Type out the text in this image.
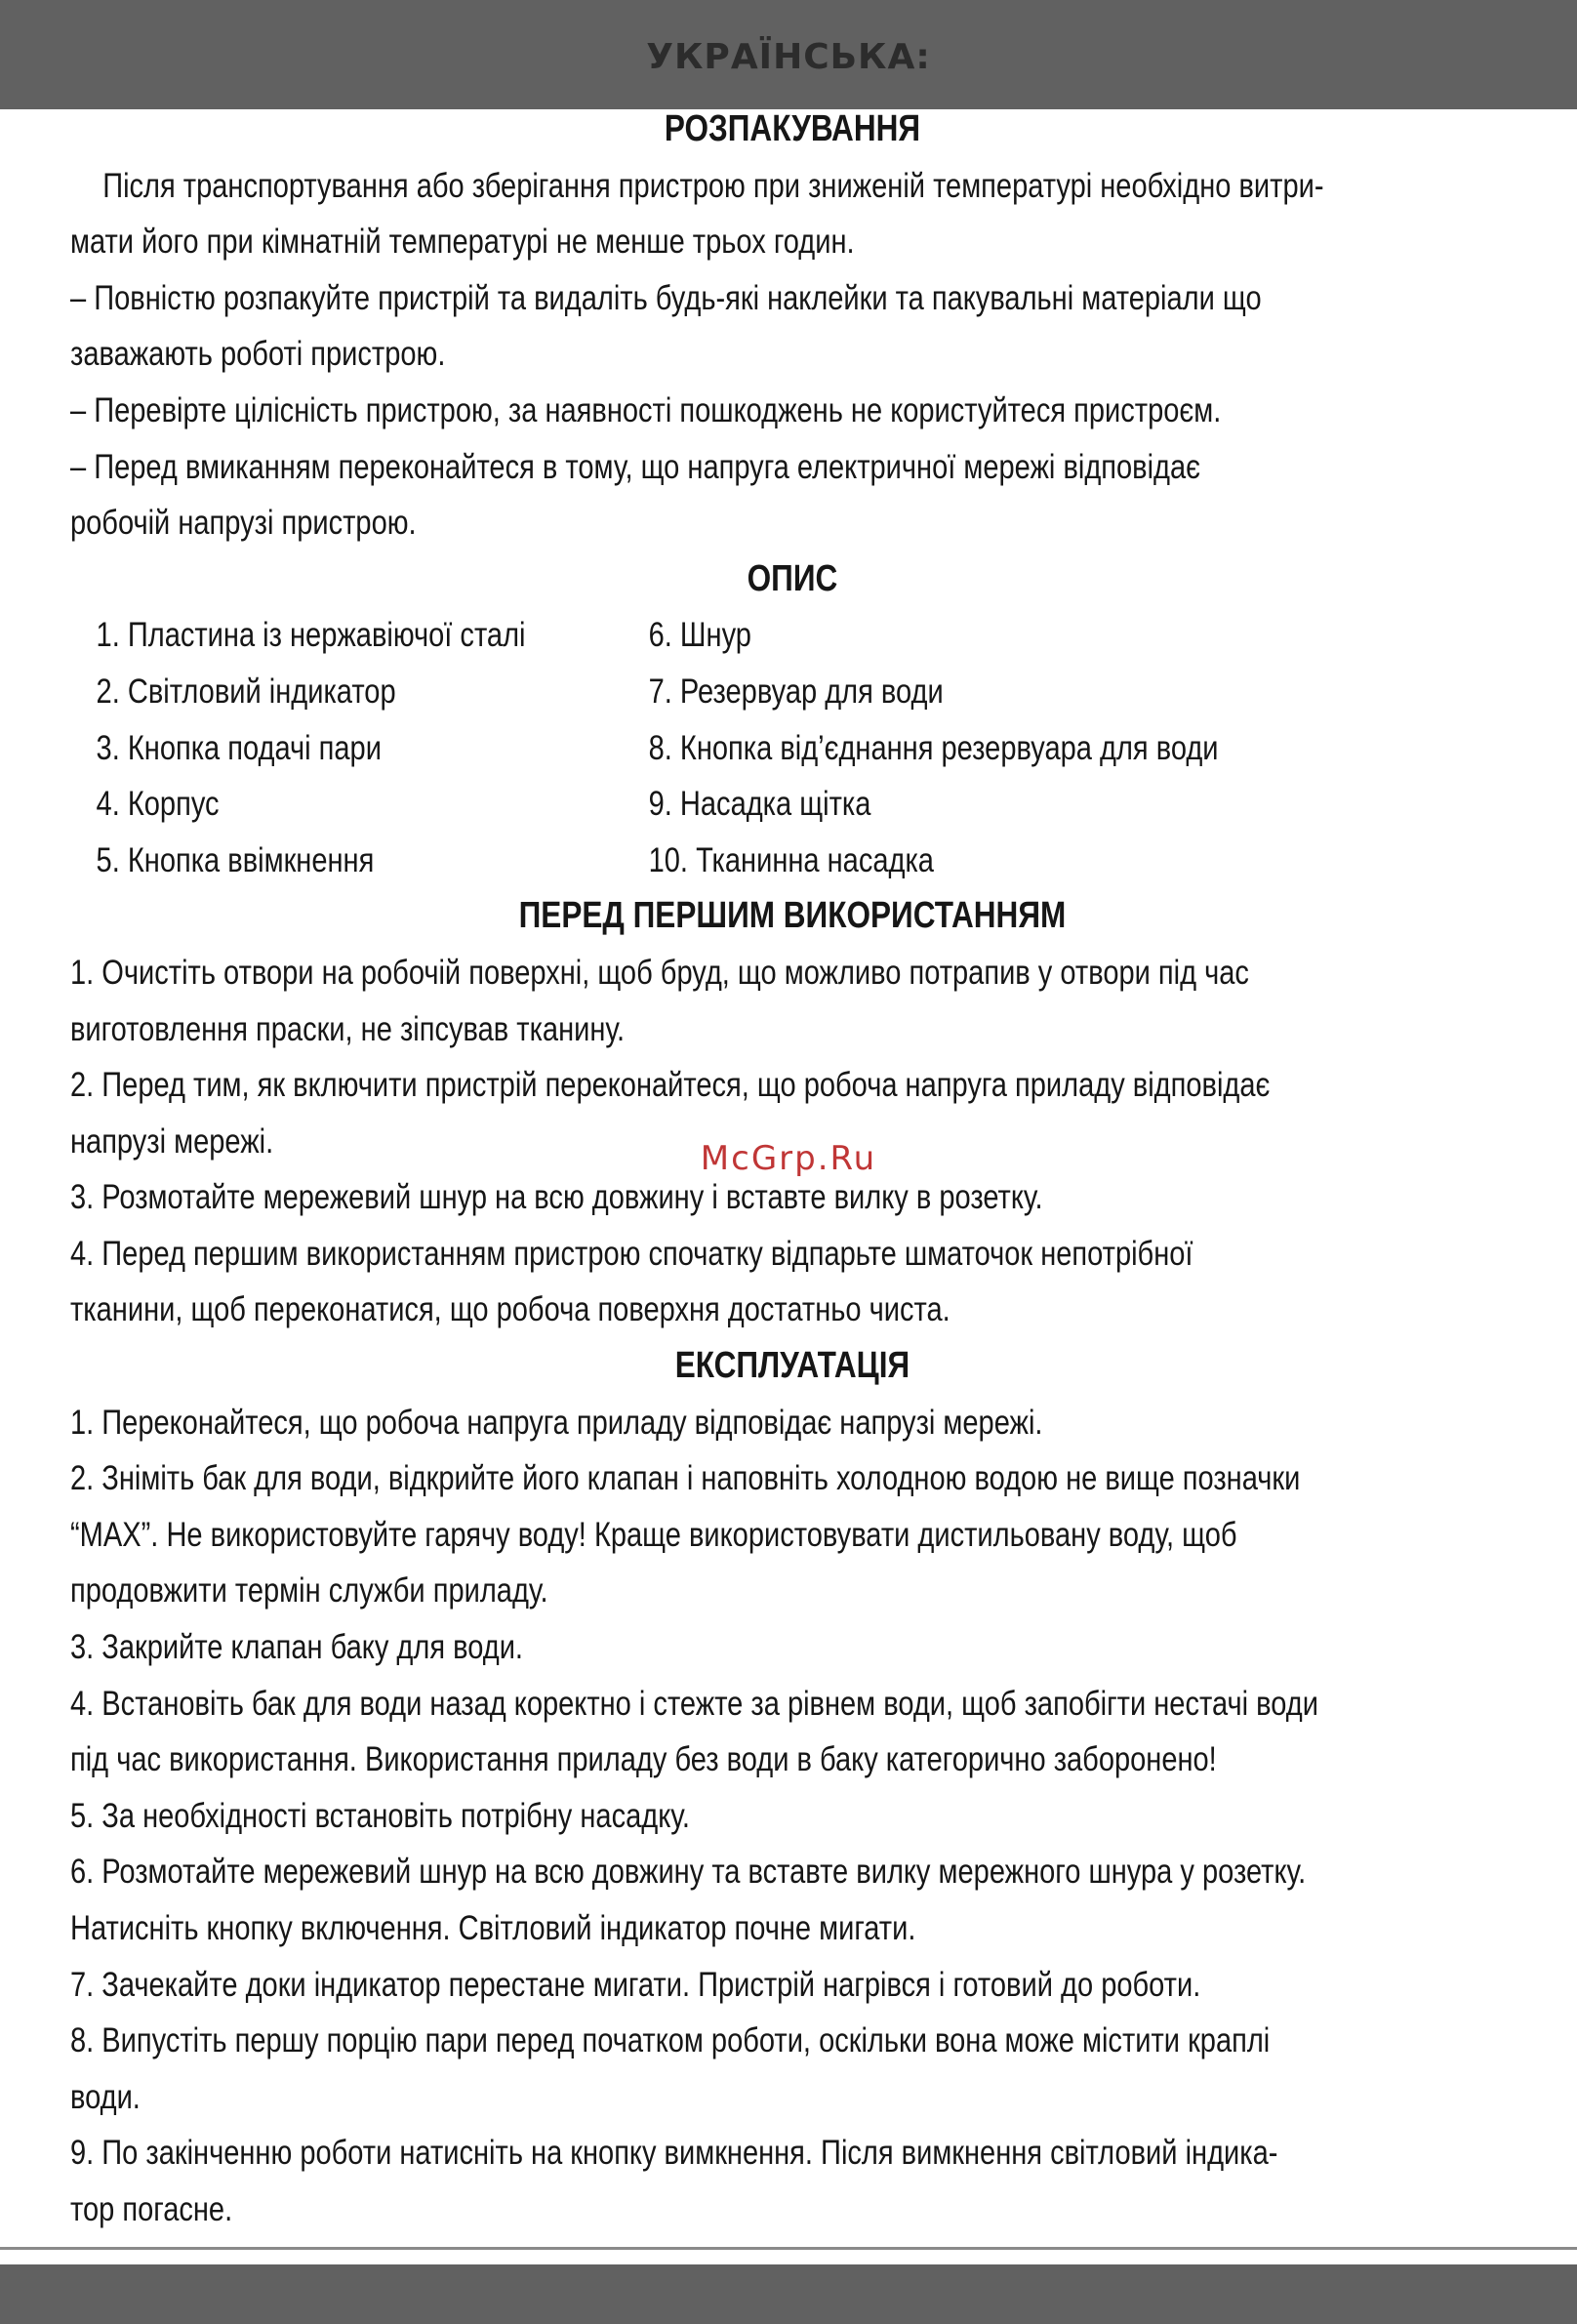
УКРАЇНСЬКА:
McGrp.Ru
РОЗПАКУВАННЯ

Після транспортування або зберігання пристрою при зниженій температурі необхідно витри-

мати його при кімнатній температурі не менше трьох годин.

– Повністю розпакуйте пристрій та видаліть будь-які наклейки та пакувальні матеріали що

заважають роботі пристрою.

– Перевірте цілісність пристрою, за наявності пошкоджень не користуйтеся пристроєм.

– Перед вмиканням переконайтеся в тому, що напруга електричної мережі відповідає

робочій напрузі пристрою.

ОПИС
1. Пластина із нержавіючої сталі	6. Шнур
2. Світловий індикатор	7. Резервуар для води
3. Кнопка подачі пари	8. Кнопка від’єднання резервуара для води
4. Корпус	9. Насадка щітка
5. Кнопка ввімкнення	10. Тканинна насадка
ПЕРЕД ПЕРШИМ ВИКОРИСТАННЯМ

1. Очистіть отвори на робочій поверхні, щоб бруд, що можливо потрапив у отвори під час

виготовлення праски, не зіпсував тканину.

2. Перед тим, як включити пристрій переконайтеся, що робоча напруга приладу відповідає

напрузі мережі.

3. Розмотайте мережевий шнур на всю довжину і вставте вилку в розетку.

4. Перед першим використанням пристрою спочатку відпарьте шматочок непотрібної

тканини, щоб переконатися, що робоча поверхня достатньо чиста.

ЕКСПЛУАТАЦІЯ

1. Переконайтеся, що робоча напруга приладу відповідає напрузі мережі.

2. Зніміть бак для води, відкрийте його клапан і наповніть холодною водою не вище позначки

“MAX”. Не використовуйте гарячу воду! Краще використовувати дистильовану воду, щоб

продовжити термін служби приладу.

3. Закрийте клапан баку для води.

4. Встановіть бак для води назад коректно і стежте за рівнем води, щоб запобігти нестачі води

під час використання. Використання приладу без води в баку категорично заборонено!

5. За необхідності встановіть потрібну насадку.

6. Розмотайте мережевий шнур на всю довжину та вставте вилку мережного шнура у розетку.

Натисніть кнопку включення. Світловий індикатор почне мигати.

7. Зачекайте доки індикатор перестане мигати. Пристрій нагрівся і готовий до роботи.

8. Випустіть першу порцію пари перед початком роботи, оскільки вона може містити краплі

води.

9. По закінченню роботи натисніть на кнопку вимкнення. Після вимкнення світловий індика-

тор погасне.
